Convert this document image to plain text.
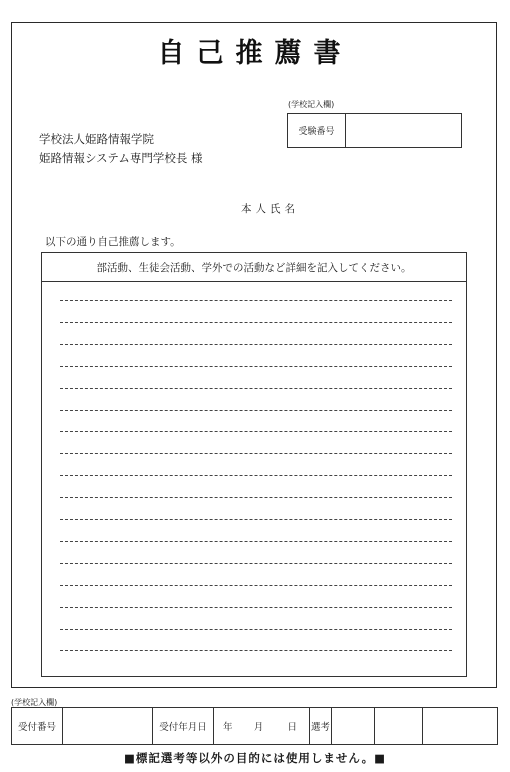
自己推薦書
(学校記入欄)
受験番号
学校法人姫路情報学院
姫路情報システム専門学校長 様
本人氏名
以下の通り自己推薦します。
部活動、生徒会活動、学外での活動など詳細を記入してください。
(学校記入欄)
受付番号		受付年月日	年	月	日	選考			
■標記選考等以外の目的には使用しません。■
